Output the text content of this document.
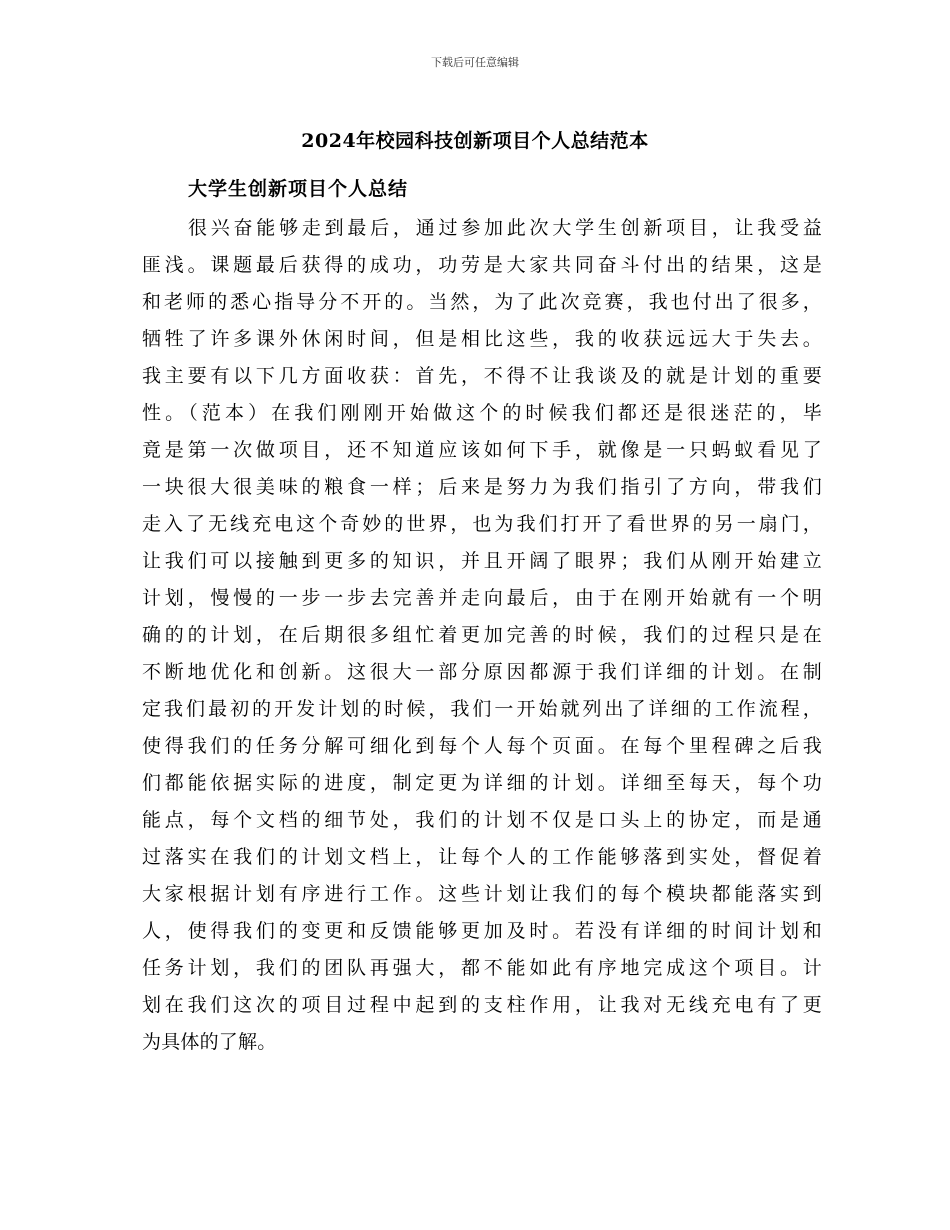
下载后可任意编辑
2024年校园科技创新项目个人总结范本
大学生创新项目个人总结
很兴奋能够走到最后，通过参加此次大学生创新项目，让我受益
匪浅。课题最后获得的成功，功劳是大家共同奋斗付出的结果，这是
和老师的悉心指导分不开的。当然，为了此次竞赛，我也付出了很多，
牺牲了许多课外休闲时间，但是相比这些，我的收获远远大于失去。
我主要有以下几方面收获：首先，不得不让我谈及的就是计划的重要
性。（范本）在我们刚刚开始做这个的时候我们都还是很迷茫的，毕
竟是第一次做项目，还不知道应该如何下手，就像是一只蚂蚁看见了
一块很大很美味的粮食一样；后来是努力为我们指引了方向，带我们
走入了无线充电这个奇妙的世界，也为我们打开了看世界的另一扇门，
让我们可以接触到更多的知识，并且开阔了眼界；我们从刚开始建立
计划，慢慢的一步一步去完善并走向最后，由于在刚开始就有一个明
确的的计划，在后期很多组忙着更加完善的时候，我们的过程只是在
不断地优化和创新。这很大一部分原因都源于我们详细的计划。在制
定我们最初的开发计划的时候，我们一开始就列出了详细的工作流程，
使得我们的任务分解可细化到每个人每个页面。在每个里程碑之后我
们都能依据实际的进度，制定更为详细的计划。详细至每天，每个功
能点，每个文档的细节处，我们的计划不仅是口头上的协定，而是通
过落实在我们的计划文档上，让每个人的工作能够落到实处，督促着
大家根据计划有序进行工作。这些计划让我们的每个模块都能落实到
人，使得我们的变更和反馈能够更加及时。若没有详细的时间计划和
任务计划，我们的团队再强大，都不能如此有序地完成这个项目。计
划在我们这次的项目过程中起到的支柱作用，让我对无线充电有了更
为具体的了解。
